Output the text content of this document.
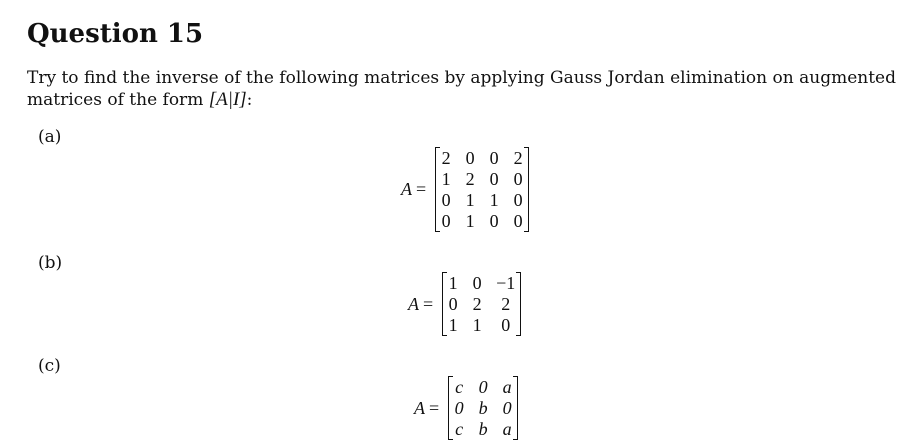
Question 15
Try to find the inverse of the following matrices by applying Gauss Jordan elimination on augmented matrices of the form [A|I]:
(a)
A =
2 0 0 2
1 2 0 0
0 1 1 0
0 1 0 0
(b)
A =
1 0 −1
0 2 2
1 1 0
(c)
A =
c 0 a
0 b 0
c b a
